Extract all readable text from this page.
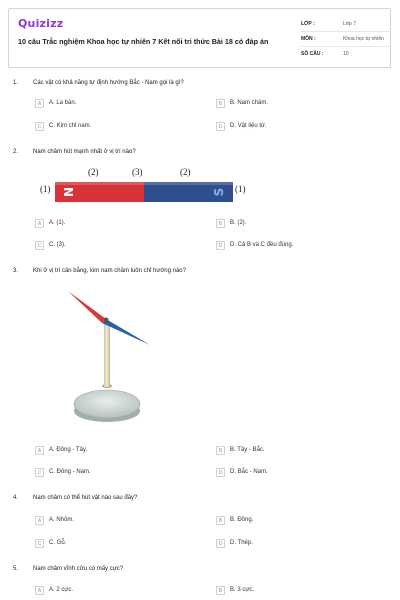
Quizizz
10 câu Trắc nghiệm Khoa học tự nhiên 7 Kết nối tri thức Bài 18 có đáp án
LỚP :	Lớp 7
MÔN :	Khoa học tự nhiên
SỐ CÂU :	10
1. Các vật có khả năng tự định hướng Bắc - Nam gọi là gì?
A	A. La bàn.	B	B. Nam châm.
C	C. Kim chỉ nam.	D	D. Vật liệu từ.
2. Nam châm hút mạnh nhất ở vị trí nào?
(2)	(3)	(2)
(1)	(1)
N	S
A	A. (1).	B	B. (2).
C	C. (3).	D	D. Cả B và C đều đúng.
3. Khi ở vị trí cân bằng, kim nam châm luôn chỉ hướng nào?
A	A. Đông - Tây.	B	B. Tây - Bắc.
C	C. Đông - Nam.	D	D. Bắc - Nam.
4. Nam châm có thể hút vật nào sau đây?
A	A. Nhôm.	B	B. Đồng.
C	C. Gỗ.	D	D. Thép.
5. Nam châm vĩnh cửu có mấy cực?
A	A. 2 cực.	B	B. 3 cực.
